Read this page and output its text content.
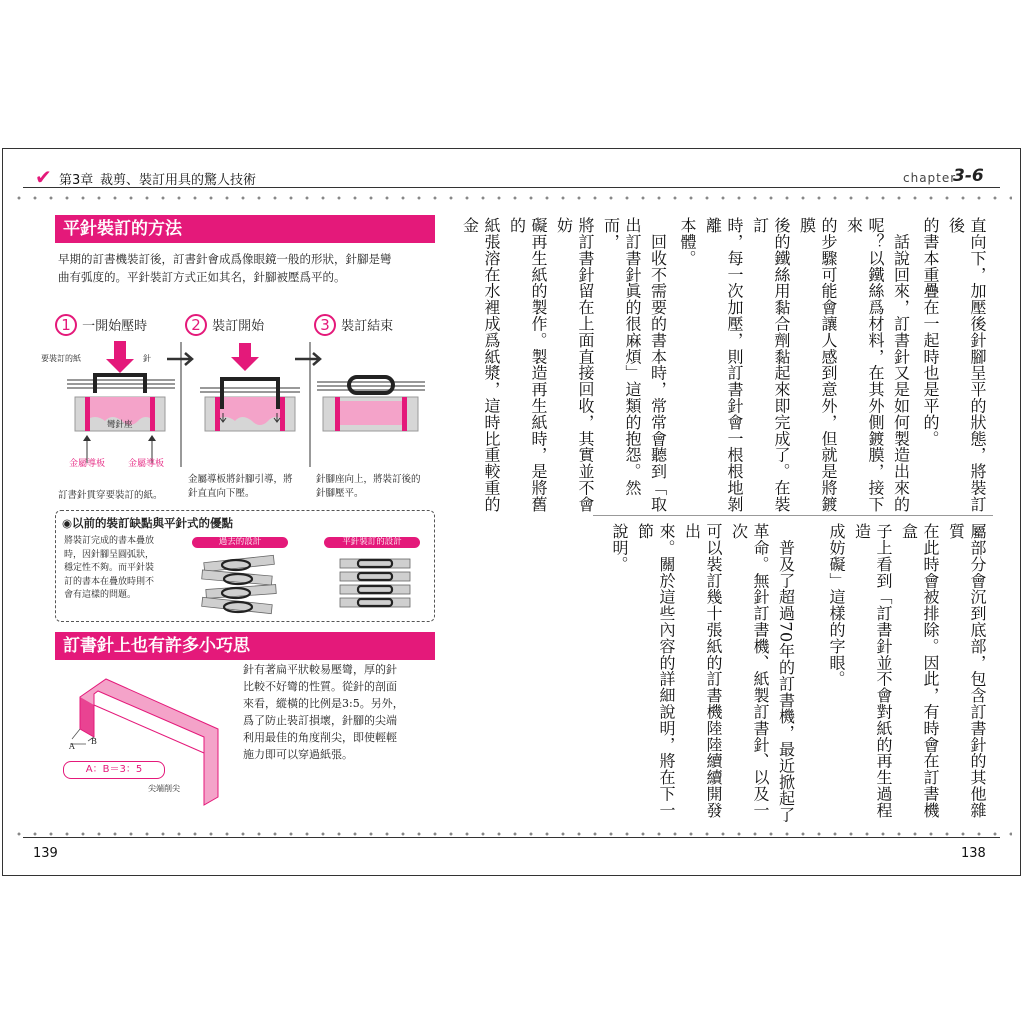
✔ 第3章 裁剪、裝訂用具的驚人技術	chapter
3-6
平針裝訂的方法
早期的訂書機裝訂後，訂書針會成爲像眼鏡一般的形狀，針腳是彎
曲有弧度的。平針裝訂方式正如其名，針腳被壓爲平的。
1 一開始壓時	2 裝訂開始	3 裝訂結束
要裝訂的紙	針
彎針座
金屬導板	金屬導板
訂書針貫穿要裝訂的紙。
金屬導板將針腳引導，將
針直直向下壓。
針腳座向上，將裝訂後的
針腳壓平。
◉以前的裝訂缺點與平針式的優點
將裝訂完成的書本疊放
時，因針腳呈圓弧狀，
穩定性不夠。而平針裝
訂的書本在疊放時則不
會有這樣的問題。
過去的設計	平針裝訂的設計
訂書針上也有許多小巧思
A
B
A：B＝3：5
尖端削尖
針有著扁平狀較易壓彎，厚的針
比較不好彎的性質。從針的剖面
來看，縱橫的比例是3:5。另外，
爲了防止裝訂損壞，針腳的尖端
利用最佳的角度削尖，即使輕輕
施力即可以穿過紙張。
直向下，加壓後針腳呈平的狀態，將裝訂後
的書本重疊在一起時也是平的。
　話說回來，訂書針又是如何製造出來的
呢？以鐵絲爲材料，在其外側鍍膜，接下來
的步驟可能會讓人感到意外，但就是將鍍膜
後的鐵絲用黏合劑黏起來即完成了。在裝訂
時，每一次加壓，則訂書針會一根根地剝離
本體。
　回收不需要的書本時，常常會聽到「取
出訂書針眞的很麻煩」這類的抱怨。然而，
將訂書針留在上面直接回收，其實並不會妨
礙再生紙的製作。製造再生紙時，是將舊的
紙張溶在水裡成爲紙漿，這時比重較重的金
屬部分會沉到底部，包含訂書針的其他雜質
在此時會被排除。因此，有時會在訂書機盒
子上看到「訂書針並不會對紙的再生過程造
成妨礙」這樣的字眼。
　普及了超過70年的訂書機，最近掀起了
革命。無針訂書機、紙製訂書針、以及一次
可以裝訂幾十張紙的訂書機陸陸續續開發出
來。關於這些內容的詳細說明，將在下一節
說明。
139	138
